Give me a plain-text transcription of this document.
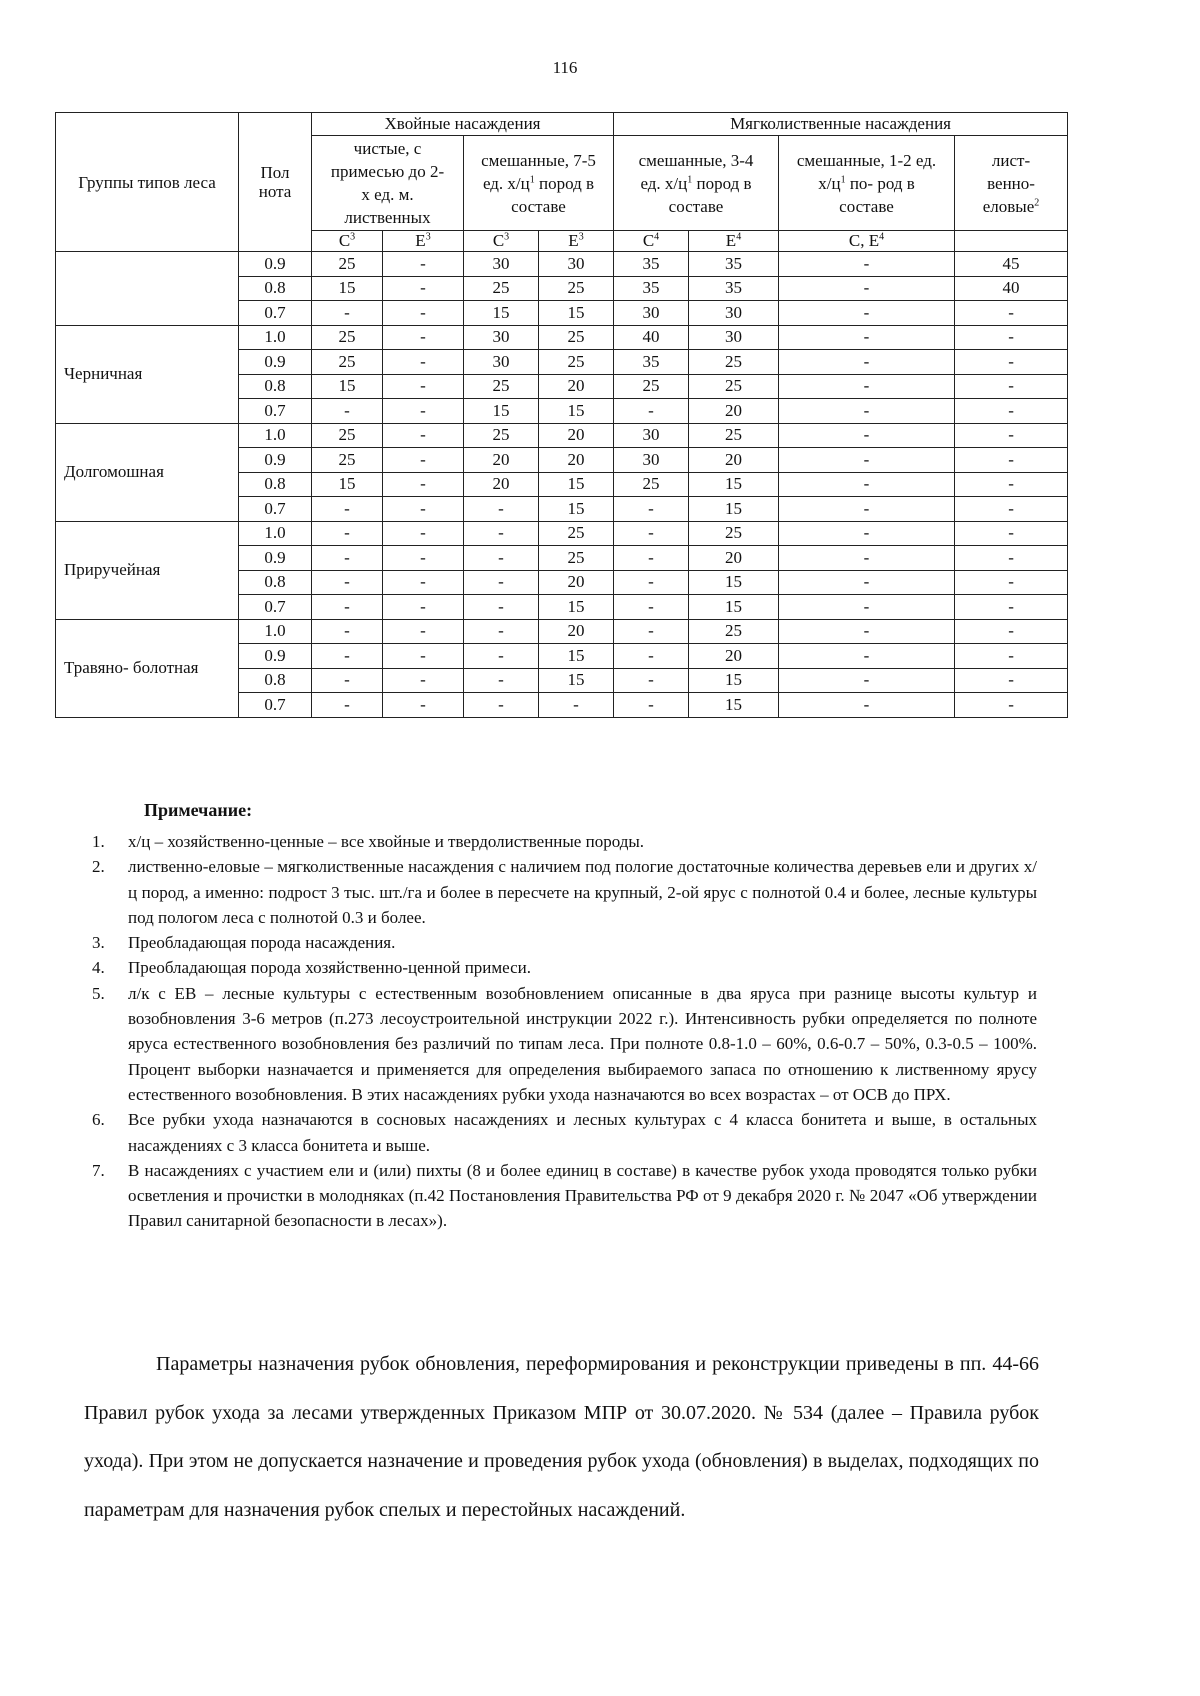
116
Группы типов леса	Пол нота	Хвойные насаждения				Мягколиственные насаждения			
		чистые, с примесью до 2-х ед. м. лиственных		смешанные, 7-5 ед. $х/ц^1$ пород в составе		смешанные, 3-4 ед. $х/ц^1$ пород в составе		смешанные, 1-2 ед. $х/ц^1$ по- род в составе	лист- венно- еловые$^2$
		$С^3$	$Е^3$	$С^3$	$Е^3$	$С^4$	$Е^4$	С, $Е^4$	
	0.9	25	-	30	30	35	35	-	45
	0.8	15	-	25	25	35	35	-	40
	0.7	-	-	15	15	30	30	-	-
Черничная	1.0	25	-	30	25	40	30	-	-
	0.9	25	-	30	25	35	25	-	-
	0.8	15	-	25	20	25	25	-	-
	0.7	-	-	15	15	-	20	-	-
Долгомошная	1.0	25	-	25	20	30	25	-	-
	0.9	25	-	20	20	30	20	-	-
	0.8	15	-	20	15	25	15	-	-
	0.7	-	-	-	15	-	15	-	-
Приручейная	1.0	-	-	-	25	-	25	-	-
	0.9	-	-	-	25	-	20	-	-
	0.8	-	-	-	20	-	15	-	-
	0.7	-	-	-	15	-	15	-	-
Травяно- болотная	1.0	-	-	-	20	-	25	-	-
	0.9	-	-	-	15	-	20	-	-
	0.8	-	-	-	15	-	15	-	-
	0.7	-	-	-	-	-	15	-	-
Примечание:
1. х/ц – хозяйственно-ценные – все хвойные и твердолиственные породы.
2. лиственно-еловые – мягколиственные насаждения с наличием под пологие достаточные количества деревьев ели и других х/ц пород, а именно: подрост 3 тыс. шт./га и более в пересчете на крупный, 2-ой ярус с полнотой 0.4 и более, лесные культуры под пологом леса с полнотой 0.3 и более.
3. Преобладающая порода насаждения.
4. Преобладающая порода хозяйственно-ценной примеси.
5. л/к с ЕВ – лесные культуры с естественным возобновлением описанные в два яруса при разнице высоты культур и возобновления 3-6 метров (п.273 лесоустроительной инструкции 2022 г.). Интенсивность рубки определяется по полноте яруса естественного возобновления без различий по типам леса. При полноте 0.8-1.0 – 60%, 0.6-0.7 – 50%, 0.3-0.5 – 100%. Процент выборки назначается и применяется для определения выбираемого запаса по отношению к лиственному ярусу естественного возобновления. В этих насаждениях рубки ухода назначаются во всех возрастах – от ОСВ до ПРХ.
6. Все рубки ухода назначаются в сосновых насаждениях и лесных культурах с 4 класса бонитета и выше, в остальных насаждениях с 3 класса бонитета и выше.
7. В насаждениях с участием ели и (или) пихты (8 и более единиц в составе) в качестве рубок ухода проводятся только рубки осветления и прочистки в молодняках (п.42 Постановления Правительства РФ от 9 декабря 2020 г. № 2047 «Об утверждении Правил санитарной безопасности в лесах»).

Параметры назначения рубок обновления, переформирования и реконструкции приведены в пп. 44-66 Правил рубок ухода за лесами утвержденных Приказом МПР от 30.07.2020. № 534 (далее – Правила рубок ухода). При этом не допускается назначение и проведения рубок ухода (обновления) в выделах, подходящих по параметрам для назначения рубок спелых и перестойных насаждений.
